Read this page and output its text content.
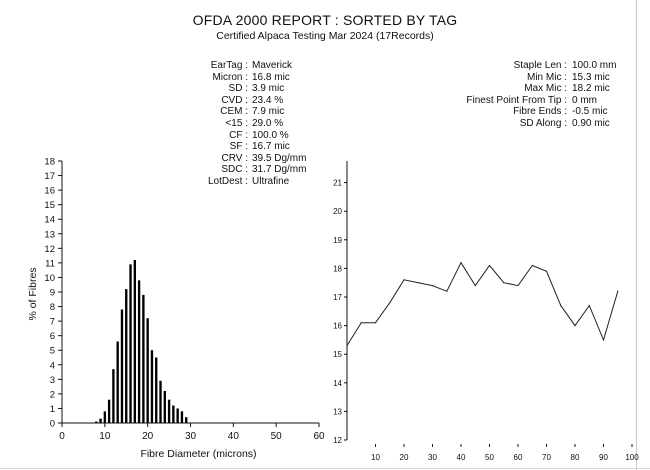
OFDA 2000 REPORT : SORTED BY TAG
Certified Alpaca Testing Mar 2024 (17Records)
EarTag : Maverick
Micron : 16.8 mic
SD : 3.9 mic
CVD : 23.4 %
CEM : 7.9 mic
<15 : 29.0 %
CF : 100.0 %
SF : 16.7 mic
CRV : 39.5 Dg/mm
SDC : 31.7 Dg/mm
LotDest : Ultrafine
Staple Len : 100.0 mm
Min Mic : 15.3 mic
Max Mic : 18.2 mic
Finest Point From Tip : 0 mm
Fibre Ends : -0.5 mic
SD Along : 0.90 mic
0
1
2
3
4
5
6
7
8
9
10
11
12
13
14
15
16
17
18
0	10	20	30	40	50	60
Fibre Diameter (microns)
% of Fibres
12
13
14
15
16
17
18
19
20
21
10 20 30 40 50 60 70 80 90 100
